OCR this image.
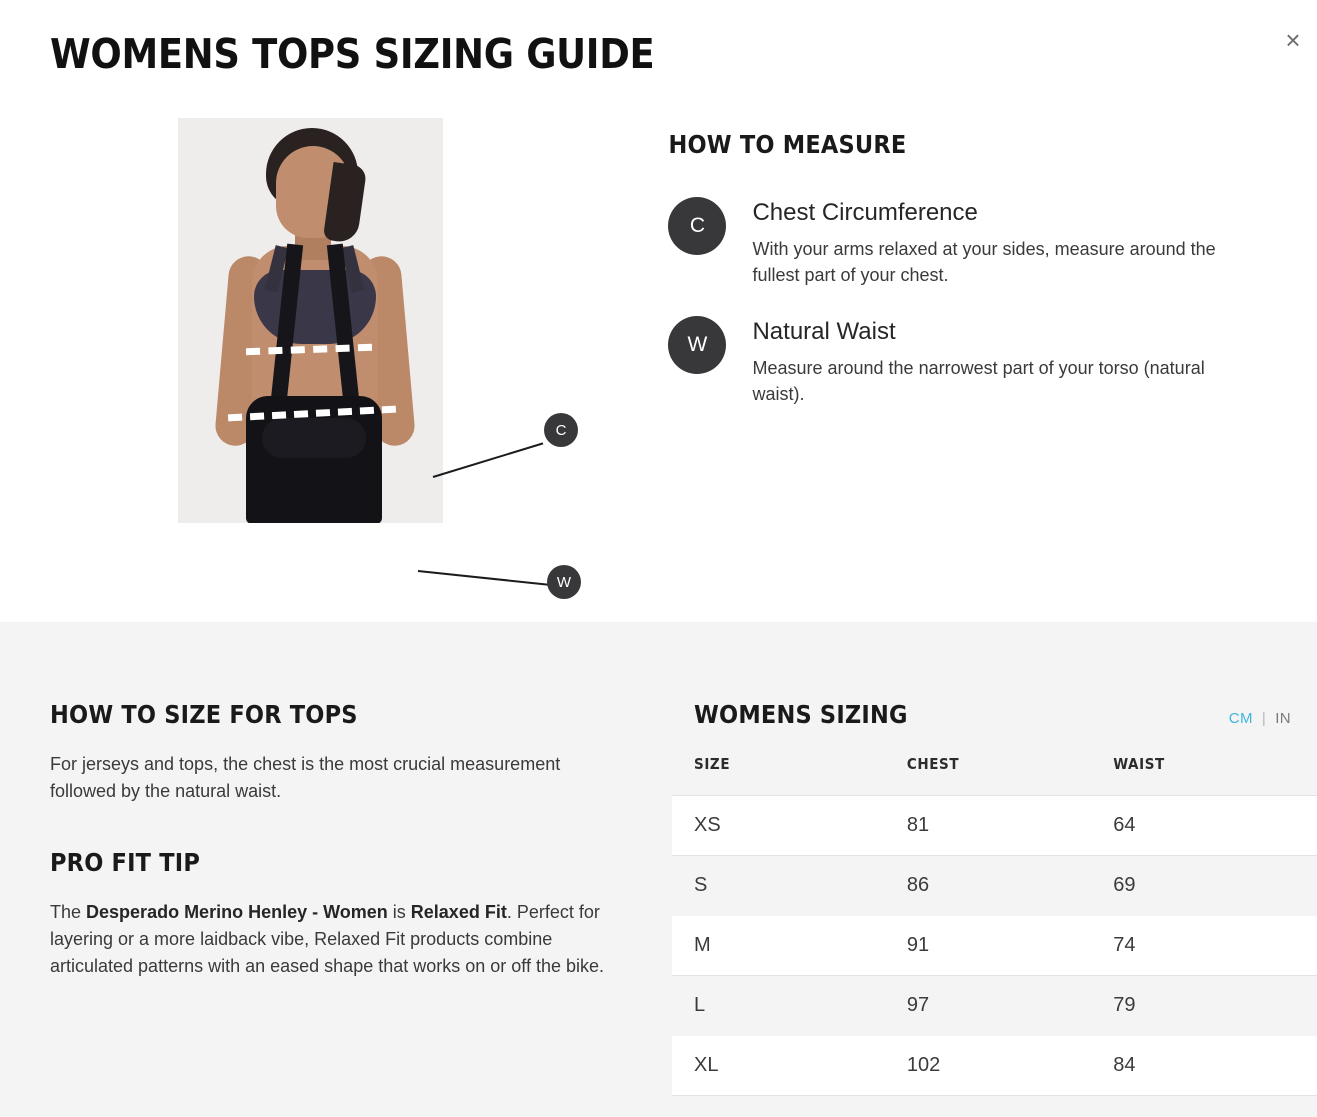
×
WOMENS TOPS SIZING GUIDE
C
W
HOW TO MEASURE
C	Chest Circumference

With your arms relaxed at your sides, measure around the fullest part of your chest.

W	Natural Waist

Measure around the narrowest part of your torso (natural waist).

HOW TO SIZE FOR TOPS

For jerseys and tops, the chest is the most crucial measurement followed by the natural waist.

PRO FIT TIP

The Desperado Merino Henley - Women is Relaxed Fit. Perfect for layering or a more laidback vibe, Relaxed Fit products combine articulated patterns with an eased shape that works on or off the bike.

WOMENS SIZING	CM | IN
SIZE	CHEST	WAIST
XS	81	64
S	86	69
M	91	74
L	97	79
XL	102	84
